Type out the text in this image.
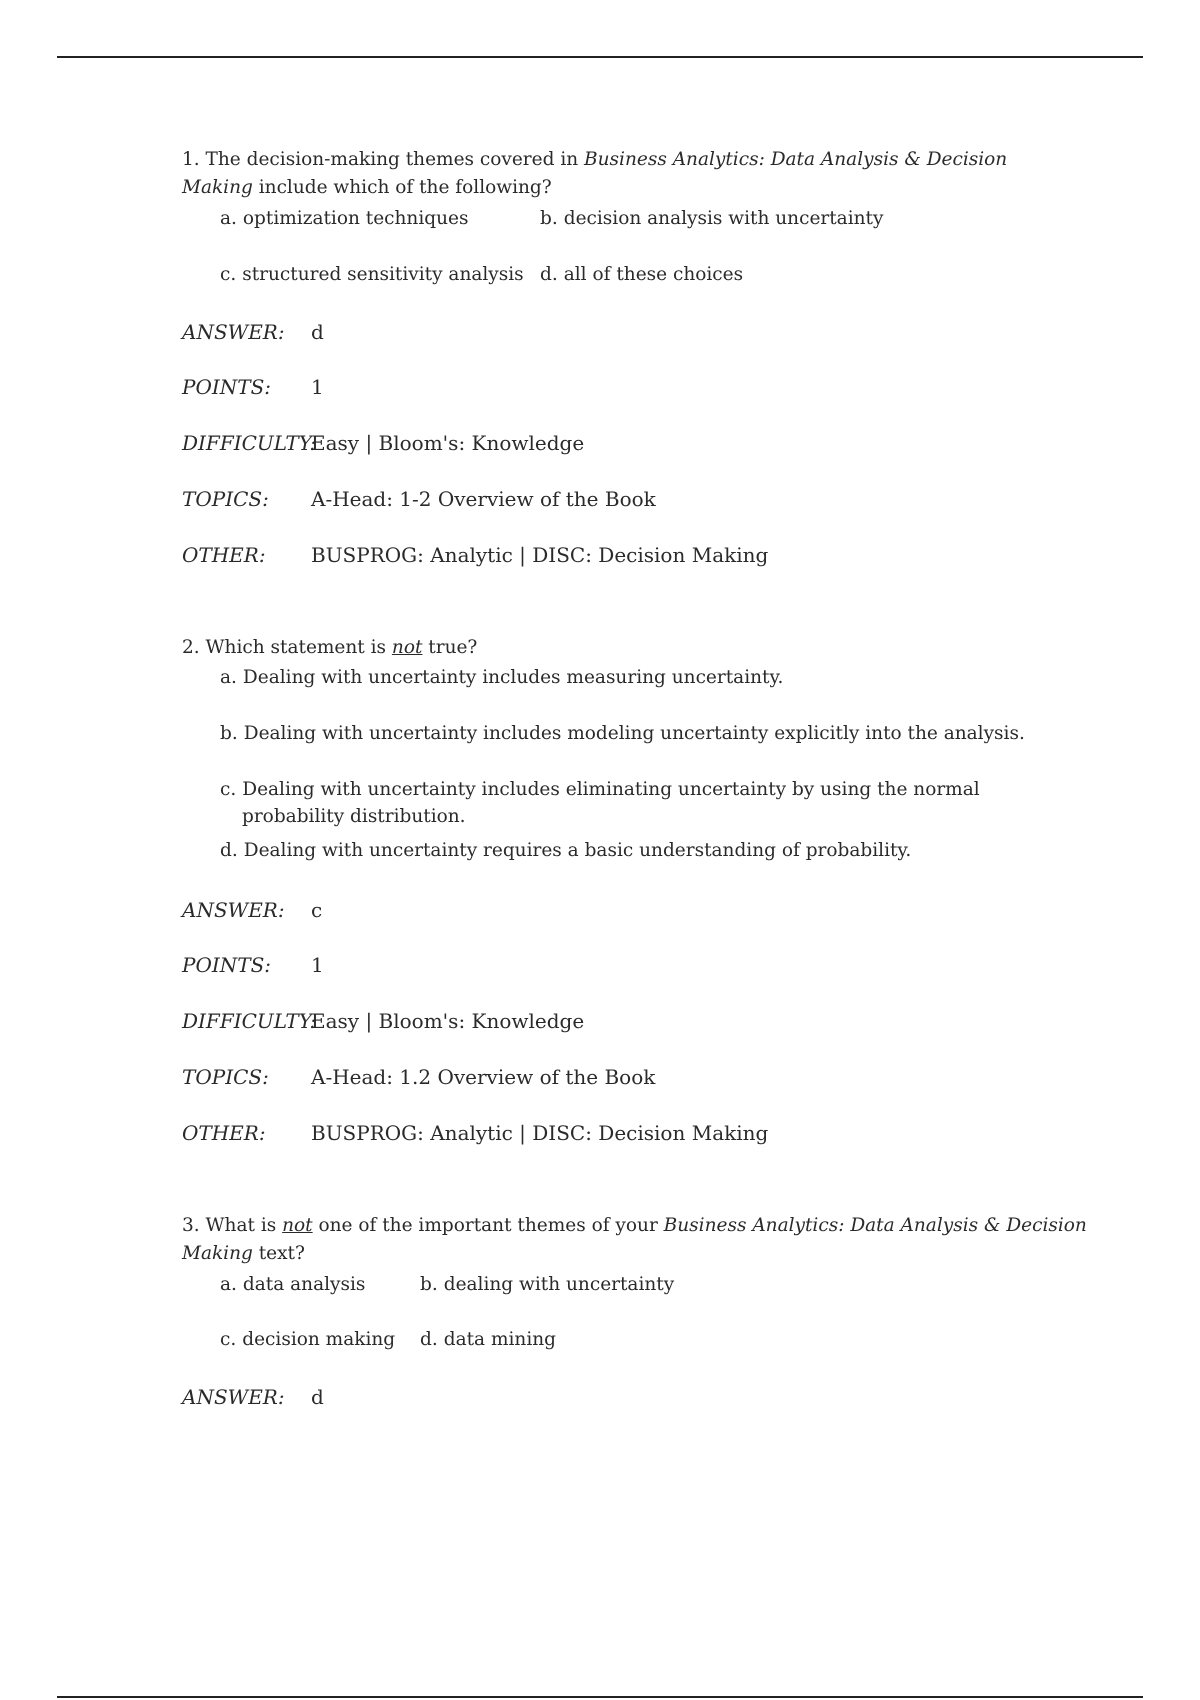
1. The decision-making themes covered in Business Analytics: Data Analysis & Decision
Making include which of the following?
a. optimization techniques	b. decision analysis with uncertainty
c. structured sensitivity analysis d. all of these choices
ANSWER: d
POINTS: 1
DIFFICULTY:
Easy | Bloom's: Knowledge
TOPICS: A-Head: 1-2 Overview of the Book
OTHER: BUSPROG: Analytic | DISC: Decision Making
2. Which statement is not true?
a. Dealing with uncertainty includes measuring uncertainty.
b. Dealing with uncertainty includes modeling uncertainty explicitly into the analysis.
c. Dealing with uncertainty includes eliminating uncertainty by using the normal
probability distribution.
d. Dealing with uncertainty requires a basic understanding of probability.
ANSWER: c
POINTS: 1
DIFFICULTY:
Easy | Bloom's: Knowledge
TOPICS: A-Head: 1.2 Overview of the Book
OTHER: BUSPROG: Analytic | DISC: Decision Making
3. What is not one of the important themes of your Business Analytics: Data Analysis & Decision
Making text?
a. data analysis	b. dealing with uncertainty
c. decision making d. data mining
ANSWER: d
